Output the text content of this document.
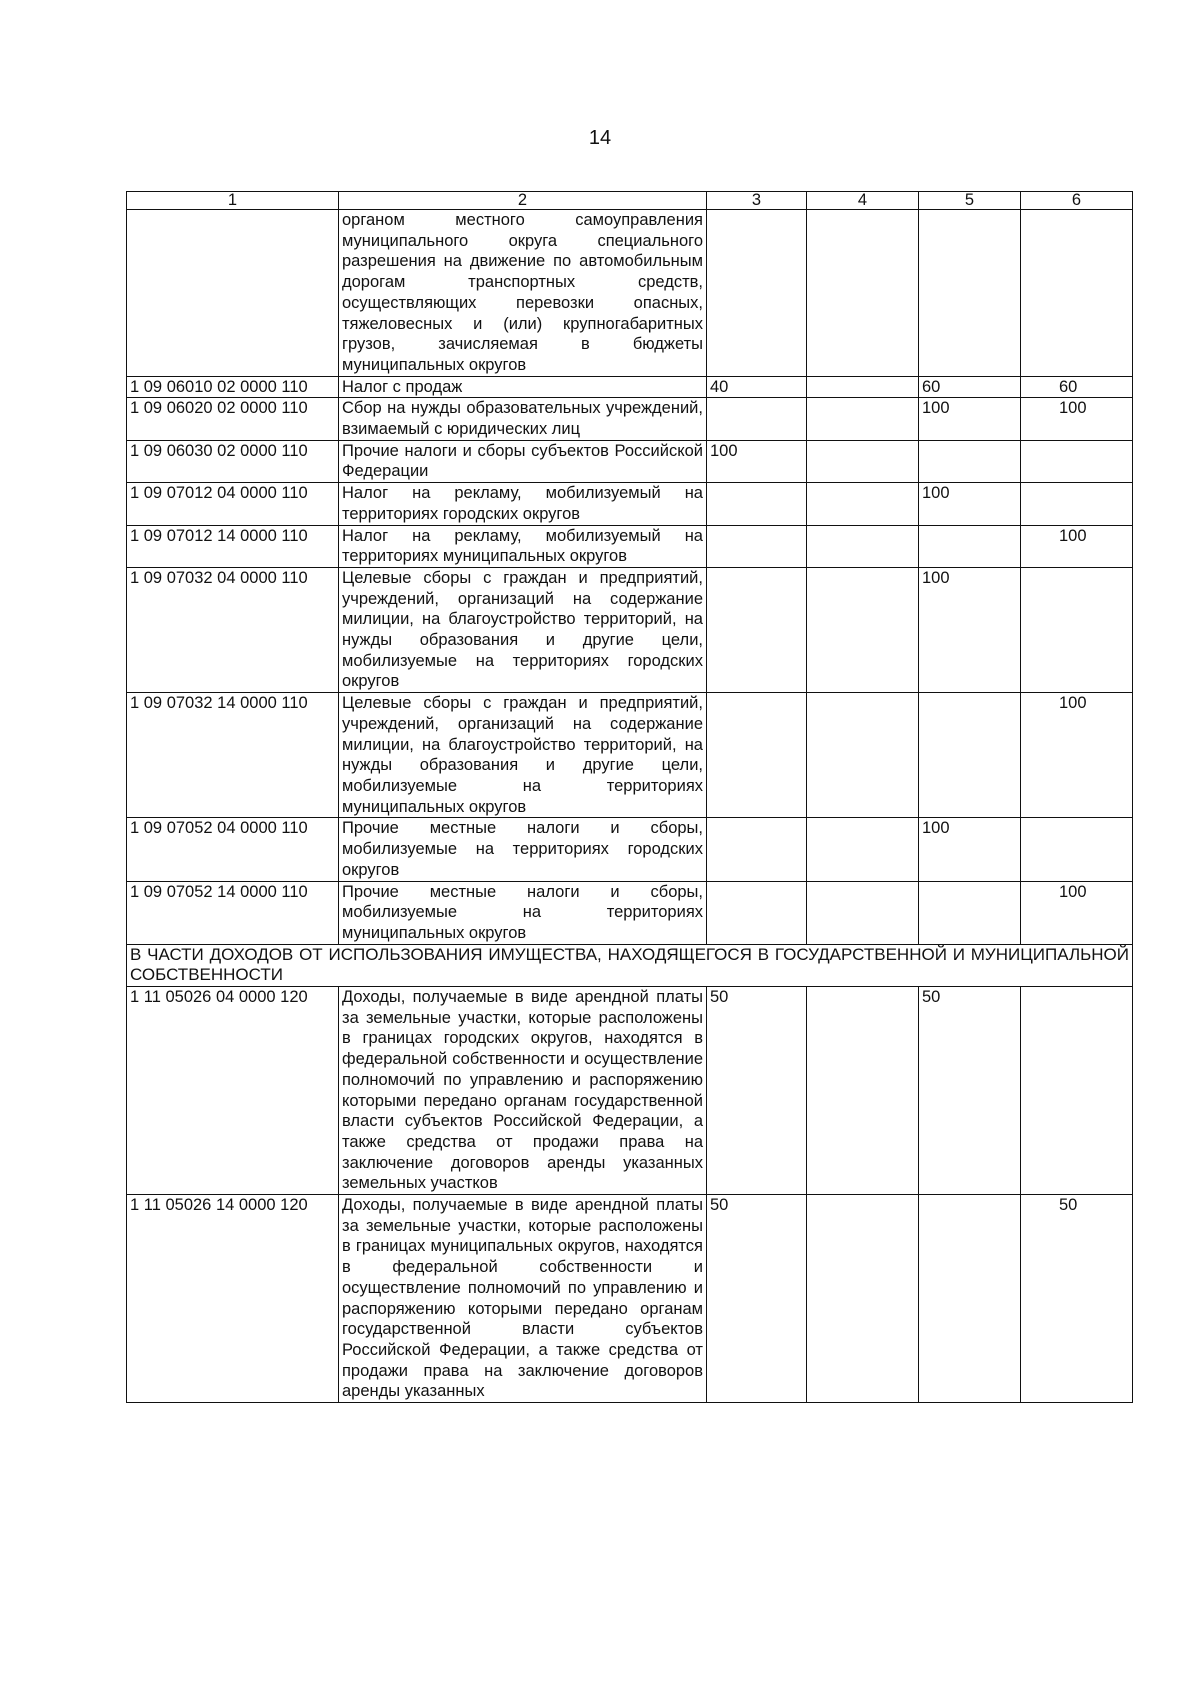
14
1	2	3	4	5	6
	органом местного самоуправления муниципального округа специального разрешения на движение по автомобильным дорогам транспортных средств, осуществляющих перевозки опасных, тяжеловесных и (или) крупногабаритных грузов, зачисляемая в бюджеты муниципальных округов				
1 09 06010 02 0000 110	Налог с продаж	40		60	60
1 09 06020 02 0000 110	Сбор на нужды образовательных учреждений, взимаемый с юридических лиц			100	100
1 09 06030 02 0000 110	Прочие налоги и сборы субъектов Российской Федерации	100			
1 09 07012 04 0000 110	Налог на рекламу, мобилизуемый на территориях городских округов			100	
1 09 07012 14 0000 110	Налог на рекламу, мобилизуемый на территориях муниципальных округов				100
1 09 07032 04 0000 110	Целевые сборы с граждан и предприятий, учреждений, организаций на содержание милиции, на благоустройство территорий, на нужды образования и другие цели, мобилизуемые на территориях городских округов			100	
1 09 07032 14 0000 110	Целевые сборы с граждан и предприятий, учреждений, организаций на содержание милиции, на благоустройство территорий, на нужды образования и другие цели, мобилизуемые на территориях муниципальных округов				100
1 09 07052 04 0000 110	Прочие местные налоги и сборы, мобилизуемые на территориях городских округов			100	
1 09 07052 14 0000 110	Прочие местные налоги и сборы, мобилизуемые на территориях муниципальных округов				100
В ЧАСТИ ДОХОДОВ ОТ ИСПОЛЬЗОВАНИЯ ИМУЩЕСТВА, НАХОДЯЩЕГОСЯ В ГОСУДАРСТВЕННОЙ И МУНИЦИПАЛЬНОЙ СОБСТВЕННОСТИ					
1 11 05026 04 0000 120	Доходы, получаемые в виде арендной платы за земельные участки, которые расположены в границах городских округов, находятся в федеральной собственности и осуществление полномочий по управлению и распоряжению которыми передано органам государственной власти субъектов Российской Федерации, а также средства от продажи права на заключение договоров аренды указанных земельных участков	50		50	
1 11 05026 14 0000 120	Доходы, получаемые в виде арендной платы за земельные участки, которые расположены в границах муниципальных округов, находятся в федеральной собственности и осуществление полномочий по управлению и распоряжению которыми передано органам государственной власти субъектов Российской Федерации, а также средства от продажи права на заключение договоров аренды указанных	50			50
